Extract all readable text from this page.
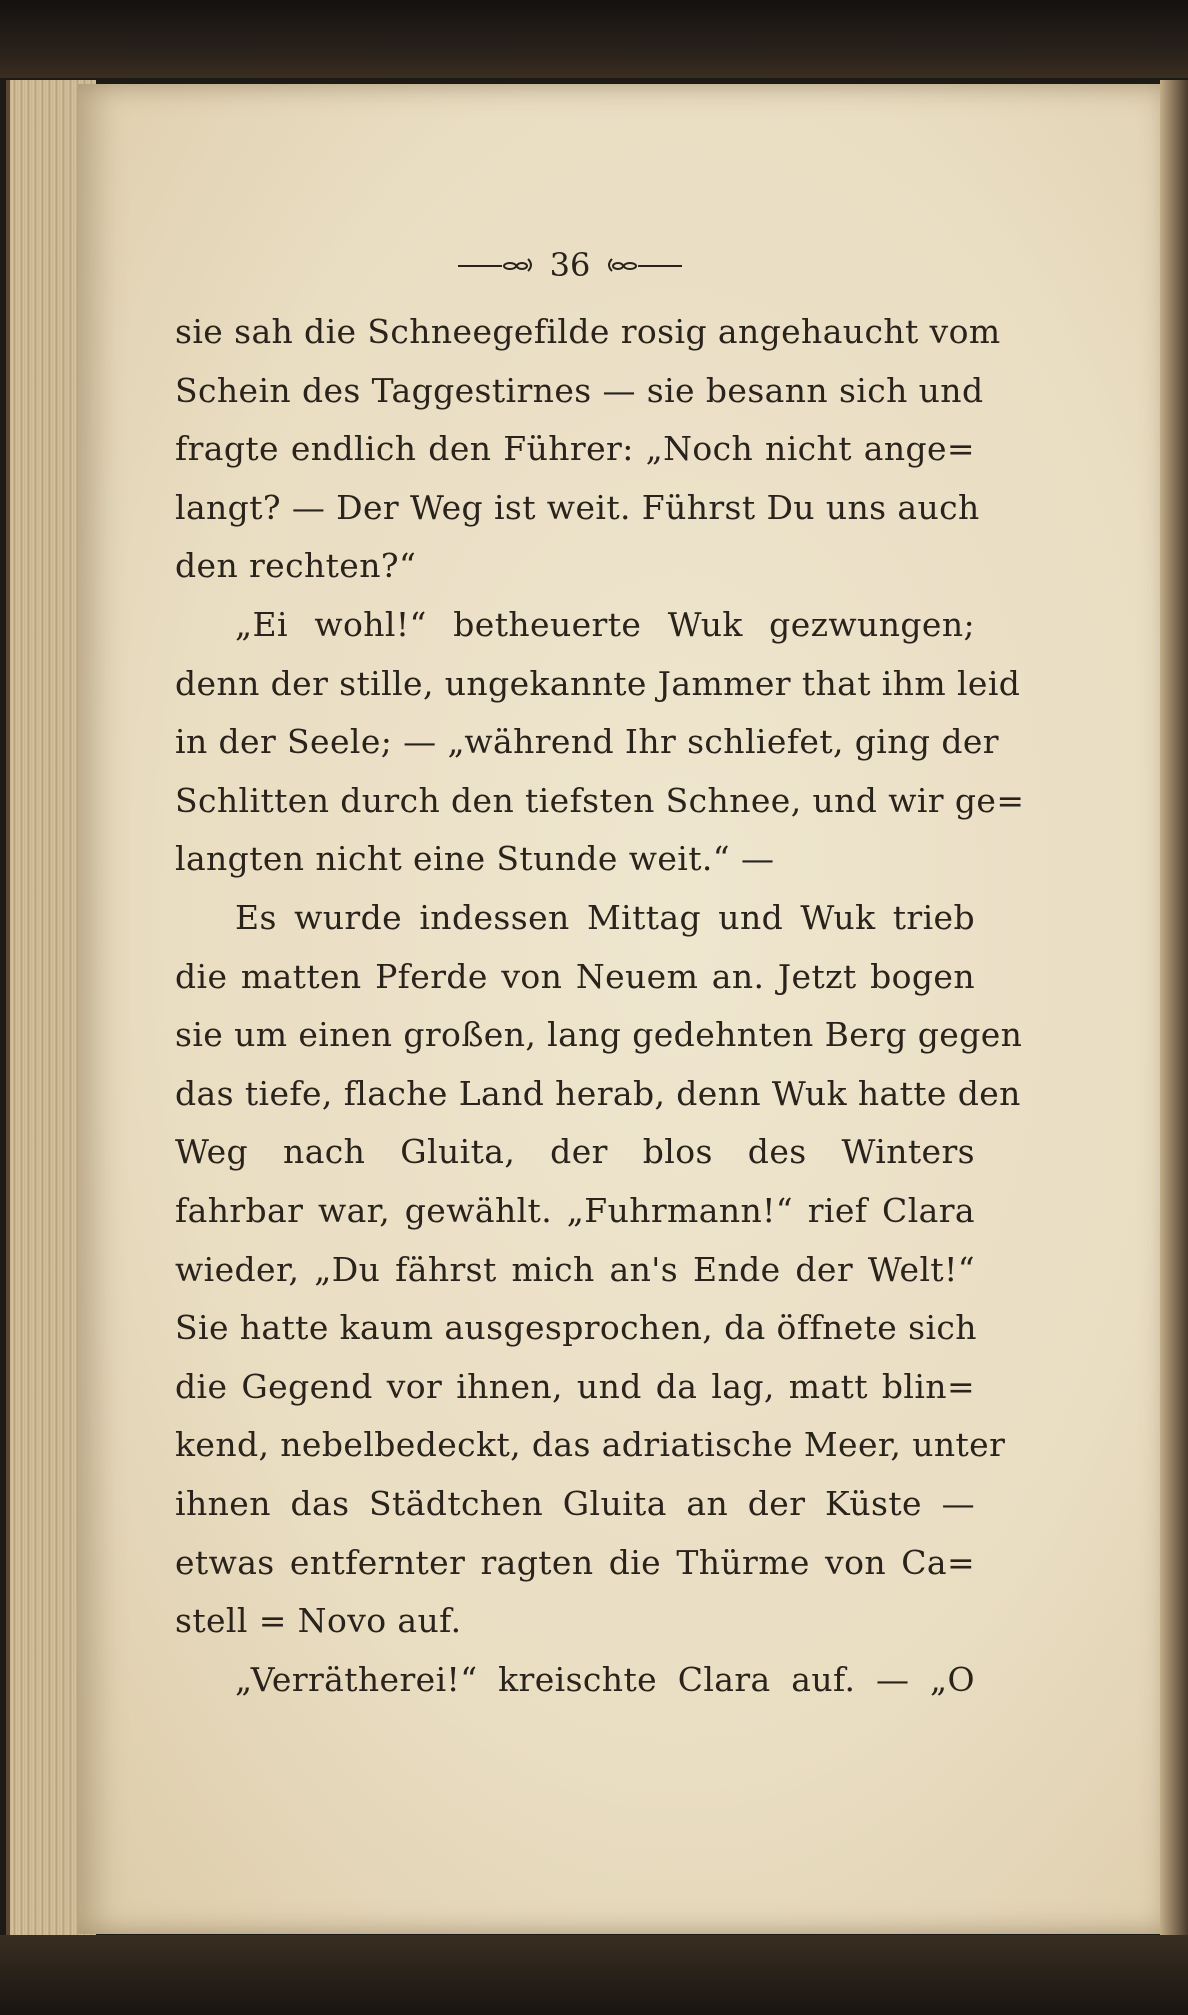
36
sie sah die Schneegefilde rosig angehaucht vom
Schein des Taggestirnes — sie besann sich und
fragte endlich den Führer: „Noch nicht ange=
langt? — Der Weg ist weit. Führst Du uns auch
den rechten?“
„Ei wohl!“ betheuerte Wuk gezwungen;
denn der stille, ungekannte Jammer that ihm leid
in der Seele; — „während Ihr schliefet, ging der
Schlitten durch den tiefsten Schnee, und wir ge=
langten nicht eine Stunde weit.“ —
Es wurde indessen Mittag und Wuk trieb
die matten Pferde von Neuem an. Jetzt bogen
sie um einen großen, lang gedehnten Berg gegen
das tiefe, flache Land herab, denn Wuk hatte den
Weg nach Gluita, der blos des Winters
fahrbar war, gewählt. „Fuhrmann!“ rief Clara
wieder, „Du fährst mich an's Ende der Welt!“
Sie hatte kaum ausgesprochen, da öffnete sich
die Gegend vor ihnen, und da lag, matt blin=
kend, nebelbedeckt, das adriatische Meer, unter
ihnen das Städtchen Gluita an der Küste —
etwas entfernter ragten die Thürme von Ca=
stell = Novo auf.
„Verrätherei!“ kreischte Clara auf. — „O
